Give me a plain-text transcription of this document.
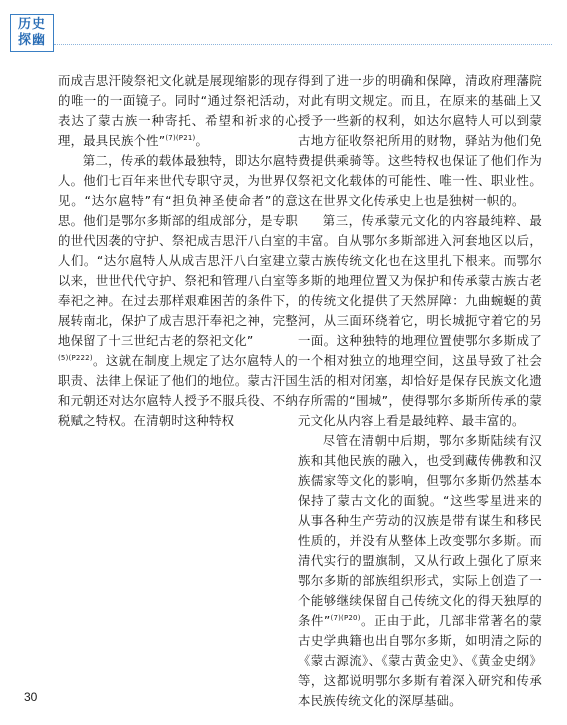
历史
探幽

而成吉思汗陵祭祀文化就是展现缩影的现存的唯一的一面镜子。同时“通过祭祀活动，表达了蒙古族一种寄托、希望和祈求的心理，最具民族个性”$^{(7)(P21)}$。

第二，传承的载体最独特，即达尔扈特人。他们七百年来世代专职守灵，为世界仅见。“达尔扈特”有“担负神圣使命者”的意思。他们是鄂尔多斯部的组成部分，是专职的世代因袭的守护、祭祀成吉思汗八白室的人们。“达尔扈特人从成吉思汗八白室建立以来，世世代代守护、祭祀和管理八白室等奉祀之神。在过去那样艰难困苦的条件下，展转南北，保护了成吉思汗奉祀之神，完整地保留了十三世纪古老的祭祀文化”

$^{(5)(P222)}$。这就在制度上规定了达尔扈特人的职责、法律上保证了他们的地位。蒙古汗国和元朝还对达尔扈特人授予不服兵役、不纳税赋之特权。在清朝时这种特权

得到了进一步的明确和保障，清政府理藩院对此有明文规定。而且，在原来的基础上又授予一些新的权利，如达尔扈特人可以到蒙古地方征收祭祀所用的财物，驿站为他们免费提供乘骑等。这些特权也保证了他们作为祭祀文化载体的可能性、唯一性、职业性。这在世界文化传承史上也是独树一帜的。

第三，传承蒙元文化的内容最纯粹、最丰富。自从鄂尔多斯部进入河套地区以后，蒙古族传统文化也在这里扎下根来。而鄂尔多斯的地理位置又为保护和传承蒙古族古老的传统文化提供了天然屏障：九曲蜿蜒的黄河，从三面环绕着它，明长城扼守着它的另一面。这种独特的地理位置使鄂尔多斯成了一个相对独立的地理空间，这虽导致了社会生活的相对闭塞，却恰好是保存民族文化遗存所需的“围城”，使得鄂尔多斯所传承的蒙元文化从内容上看是最纯粹、最丰富的。

尽管在清朝中后期，鄂尔多斯陆续有汉族和其他民族的融入，也受到藏传佛教和汉族儒家等文化的影响，但鄂尔多斯仍然基本保持了蒙古文化的面貌。“这些零星进来的从事各种生产劳动的汉族是带有谋生和移民性质的，并没有从整体上改变鄂尔多斯。而清代实行的盟旗制，又从行政上强化了原来鄂尔多斯的部族组织形式，实际上创造了一个能够继续保留自己传统文化的得天独厚的条件”$^{(7)(P20)}$。正由于此，几部非常著名的蒙古史学典籍也出自鄂尔多斯，如明清之际的《蒙古源流》、《蒙古黄金史》、《黄金史纲》等，这都说明鄂尔多斯有着深入研究和传承本民族传统文化的深厚基础。

30
